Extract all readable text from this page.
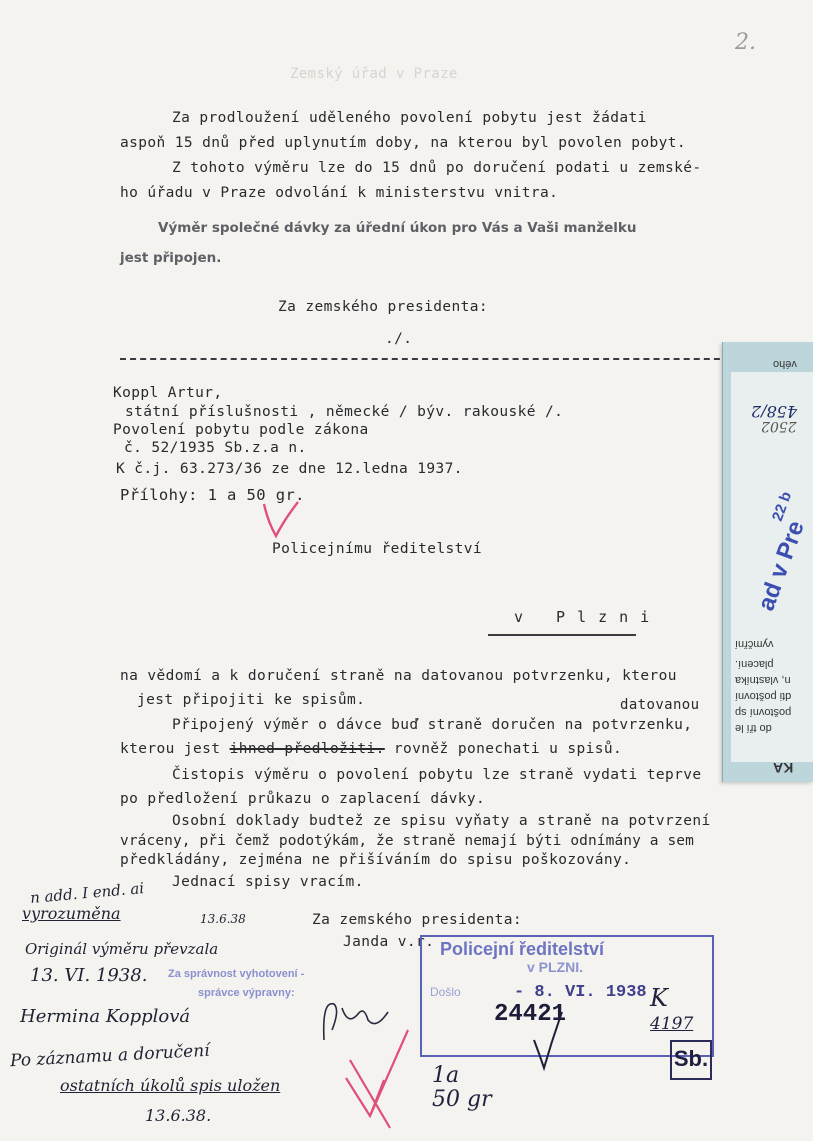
2.
Zemský úřad v Praze
Za prodloužení uděleného povolení pobytu jest žádati
aspoň 15 dnů před uplynutím doby, na kterou byl povolen pobyt.
Z tohoto výměru lze do 15 dnů po doručení podati u zemské-
ho úřadu v Praze odvolání k ministerstvu vnitra.
Výměr společné dávky za úřední úkon pro Vás a Vaši manželku
jest připojen.
Za zemského presidenta:
./.
Koppl Artur,
státní příslušnosti , německé / býv. rakouské /.
Povolení pobytu podle zákona
č. 52/1935 Sb.z.a n.
K č.j. 63.273/36 ze dne 12.ledna 1937.
Přílohy: 1 a 50 gr.
Policejnímu ředitelství
v Plzni
na vědomí a k doručení straně na datovanou potvrzenku, kterou
jest připojiti ke spisům.	datovanou
Připojený výměr o dávce buď straně doručen na potvrzenku,
kterou jest ihned předložiti. rovněž ponechati u spisů.
Čistopis výměru o povolení pobytu lze straně vydati teprve
po předložení průkazu o zaplacení dávky.
Osobní doklady budtež ze spisu vyňaty a straně na potvrzení
vráceny, při čemž podotýkám, že straně nemají býti odnímány a sem
předkládány, zejména ne přišíváním do spisu poškozovány.
Jednací spisy vracím.
Za zemského presidenta:
Janda v.r.
n add. I end. ai
vyrozuměna	13.6.38
Originál výměru převzala
13. VI. 1938.
Hermina Kopplová
Po záznamu a doručení
ostatních úkolů spis uložen
13.6.38.
Za správnost vyhotovení -
správce výpravny:
Policejní ředitelství
v PLZNI.
Došlo	- 8. VI. 1938
24421
K
4197
Sb.
1a 50 gr
458/2
2502
vého
ad v Pre
22 b
vymčřní
placení.
n, vlastníka
dti poštovní
poštovní sp
do tří le
KA
